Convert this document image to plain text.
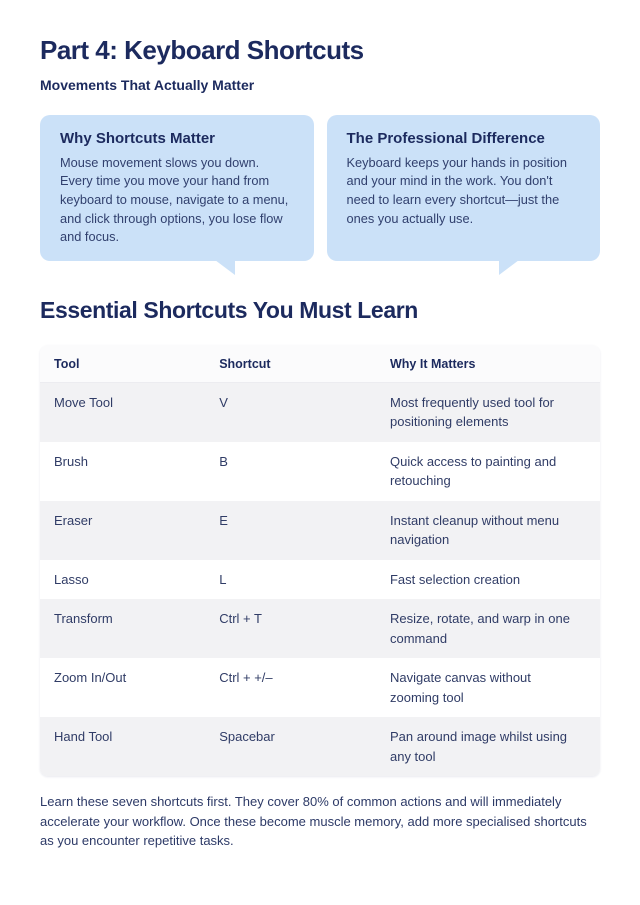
Part 4: Keyboard Shortcuts
Movements That Actually Matter
Why Shortcuts Matter
Mouse movement slows you down. Every time you move your hand from keyboard to mouse, navigate to a menu, and click through options, you lose flow and focus.
The Professional Difference
Keyboard keeps your hands in position and your mind in the work. You don't need to learn every shortcut—just the ones you actually use.
Essential Shortcuts You Must Learn
Tool	Shortcut	Why It Matters
Move Tool	V	Most frequently used tool for positioning elements
Brush	B	Quick access to painting and retouching
Eraser	E	Instant cleanup without menu navigation
Lasso	L	Fast selection creation
Transform	Ctrl + T	Resize, rotate, and warp in one command
Zoom In/Out	Ctrl + +/–	Navigate canvas without zooming tool
Hand Tool	Spacebar	Pan around image whilst using any tool

Learn these seven shortcuts first. They cover 80% of common actions and will immediately accelerate your workflow. Once these become muscle memory, add more specialised shortcuts as you encounter repetitive tasks.
